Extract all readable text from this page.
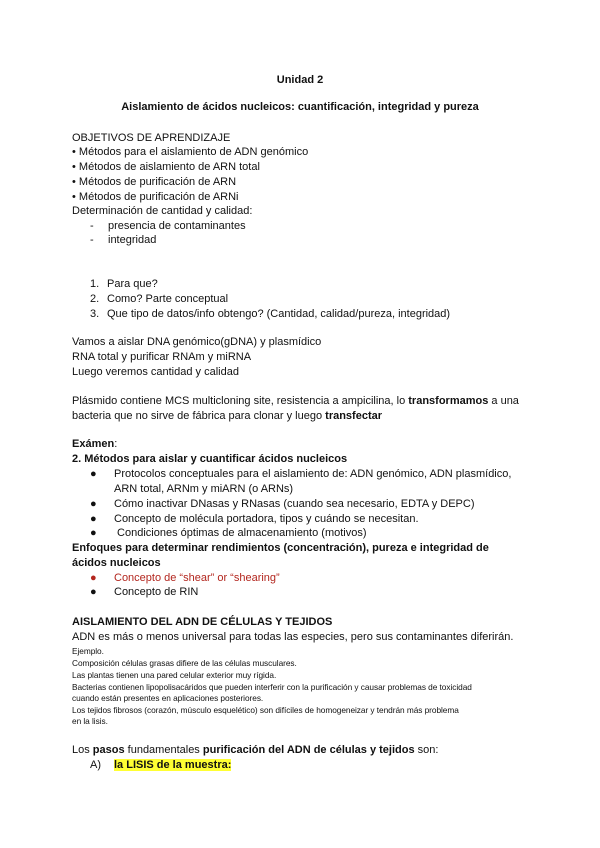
Unidad 2
Aislamiento de ácidos nucleicos: cuantificación, integridad y pureza
OBJETIVOS DE APRENDIZAJE
• Métodos para el aislamiento de ADN genómico
• Métodos de aislamiento de ARN total
• Métodos de purificación de ARN
• Métodos de purificación de ARNi
Determinación de cantidad y calidad:
- presencia de contaminantes
- integridad
1. Para que?
2. Como? Parte conceptual
3. Que tipo de datos/info obtengo? (Cantidad, calidad/pureza, integridad)
Vamos a aislar DNA genómico(gDNA) y plasmídico
RNA total y purificar RNAm y miRNA
Luego veremos cantidad y calidad
Plásmido contiene MCS multicloning site, resistencia a ampicilina, lo transformamos a una
bacteria que no sirve de fábrica para clonar y luego transfectar
Exámen:
2. Métodos para aislar y cuantificar ácidos nucleicos
● Protocolos conceptuales para el aislamiento de: ADN genómico, ADN plasmídico,
ARN total, ARNm y miARN (o ARNs)
● Cómo inactivar DNasas y RNasas (cuando sea necesario, EDTA y DEPC)
● Concepto de molécula portadora, tipos y cuándo se necesitan.
● Condiciones óptimas de almacenamiento (motivos)
Enfoques para determinar rendimientos (concentración), pureza e integridad de
ácidos nucleicos
● Concepto de “shear” or “shearing”
● Concepto de RIN
AISLAMIENTO DEL ADN DE CÉLULAS Y TEJIDOS
ADN es más o menos universal para todas las especies, pero sus contaminantes diferirán.
Ejemplo.
Composición células grasas difiere de las células musculares.
Las plantas tienen una pared celular exterior muy rígida.
Bacterias contienen lipopolisacáridos que pueden interferir con la purificación y causar problemas de toxicidad
cuando están presentes en aplicaciones posteriores.
Los tejidos fibrosos (corazón, músculo esquelético) son difíciles de homogeneizar y tendrán más problema
en la lisis.
Los pasos fundamentales purificación del ADN de células y tejidos son:
A) la LISIS de la muestra:
